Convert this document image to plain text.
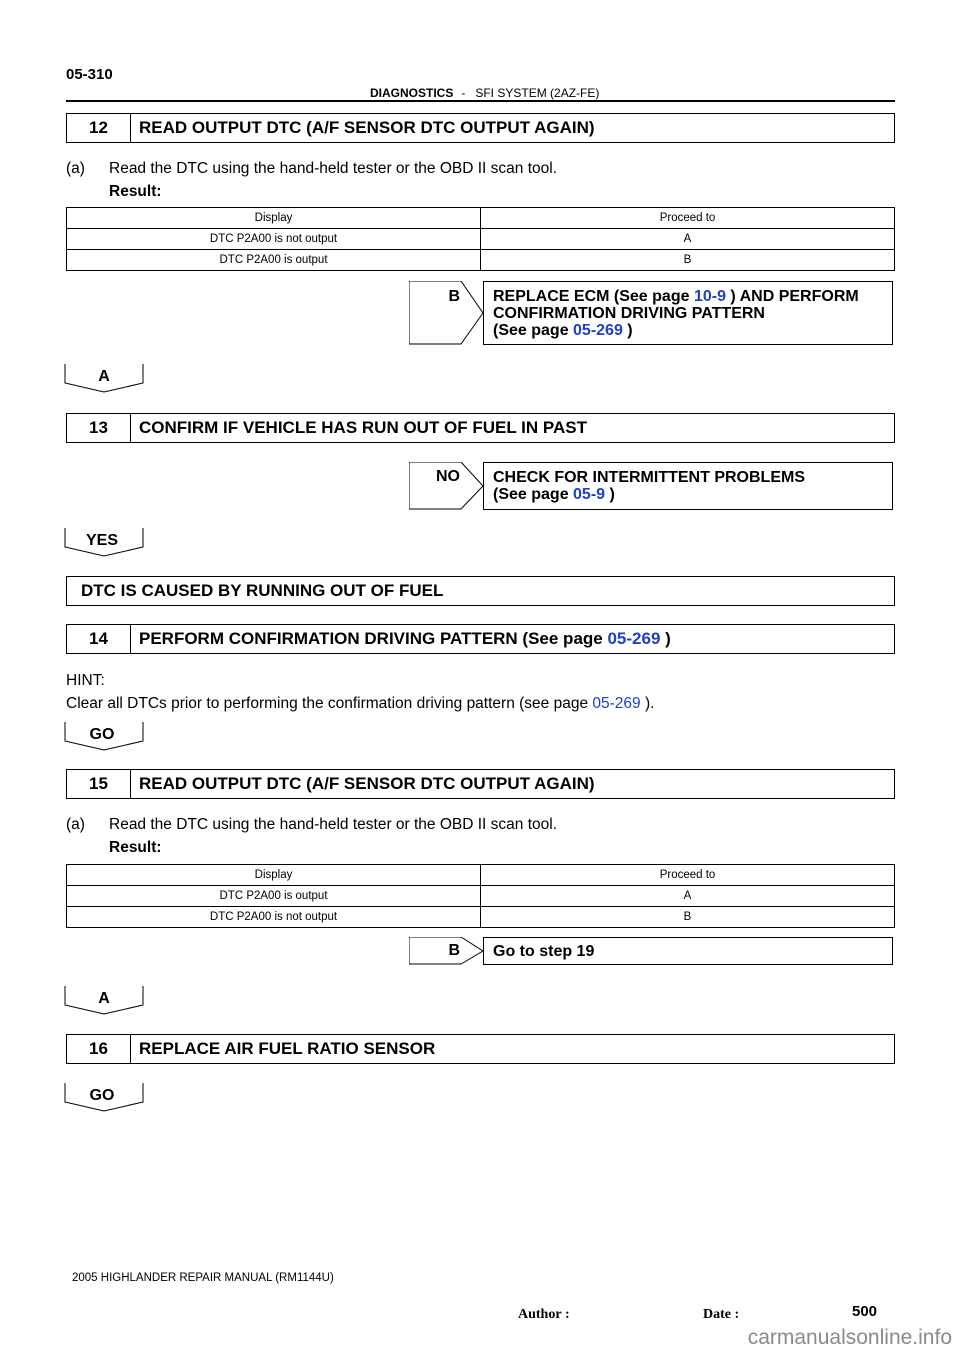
05-310
DIAGNOSTICS - SFI SYSTEM (2AZ-FE)
12	READ OUTPUT DTC (A/F SENSOR DTC OUTPUT AGAIN)
(a) Read the DTC using the hand-held tester or the OBD II scan tool.
Result:
Display	Proceed to
DTC P2A00 is not output	A
DTC P2A00 is output	B
B REPLACE ECM (See page 10-9 ) AND PERFORM
CONFIRMATION DRIVING PATTERN
(See page 05-269 )
A
13	CONFIRM IF VEHICLE HAS RUN OUT OF FUEL IN PAST
NO CHECK FOR INTERMITTENT PROBLEMS
(See page 05-9 )
YES
DTC IS CAUSED BY RUNNING OUT OF FUEL
14	PERFORM CONFIRMATION DRIVING PATTERN (See page 05-269 )
HINT:
Clear all DTCs prior to performing the confirmation driving pattern (see page 05-269 ).
GO
15	READ OUTPUT DTC (A/F SENSOR DTC OUTPUT AGAIN)
(a) Read the DTC using the hand-held tester or the OBD II scan tool.
Result:
Display	Proceed to
DTC P2A00 is output	A
DTC P2A00 is not output	B
B Go to step 19
A
16	REPLACE AIR FUEL RATIO SENSOR
GO
2005 HIGHLANDER REPAIR MANUAL (RM1144U)
Author :	Date :	500
carmanualsonline.info
